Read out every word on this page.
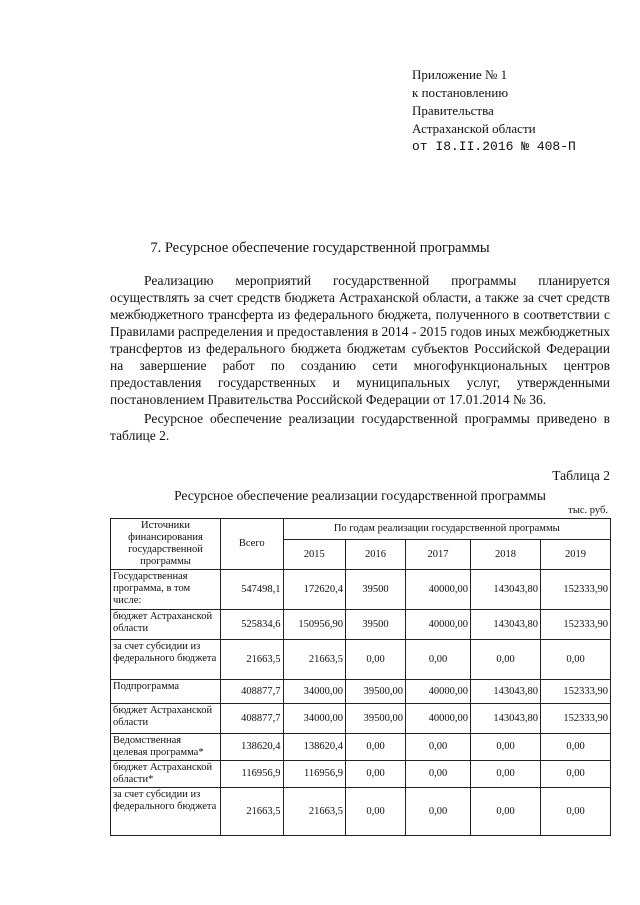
Приложение № 1
к постановлению
Правительства
Астраханской области
от I8.II.2016 № 408-П
7. Ресурсное обеспечение государственной программы

Реализацию мероприятий государственной программы планируется осуществлять за счет средств бюджета Астраханской области, а также за счет средств межбюджетного трансферта из федерального бюджета, полученного в соответствии с Правилами распределения и предоставления в 2014 - 2015 годов иных межбюджетных трансфертов из федерального бюджета бюджетам субъектов Российской Федерации на завершение работ по созданию сети многофункциональных центров предоставления государственных и муниципальных услуг, утвержденными постановлением Правительства Российской Федерации от 17.01.2014 № 36.

Ресурсное обеспечение реализации государственной программы приведено в таблице 2.

Таблица 2
Ресурсное обеспечение реализации государственной программы
тыс. руб.
Источники финансирования государственной программы	Всего	По годам реализации государственной программы				
		2015	2016	2017	2018	2019
Государственная программа, в том числе:	547498,1	172620,4	39500	40000,00	143043,80	152333,90
бюджет Астраханской области	525834,6	150956,90	39500	40000,00	143043,80	152333,90
за счет субсидии из федерального бюджета	21663,5	21663,5	0,00	0,00	0,00	0,00
Подпрограмма	408877,7	34000,00	39500,00	40000,00	143043,80	152333,90
бюджет Астраханской области	408877,7	34000,00	39500,00	40000,00	143043,80	152333,90
Ведомственная целевая программа*	138620,4	138620,4	0,00	0,00	0,00	0,00
бюджет Астраханской области*	116956,9	116956,9	0,00	0,00	0,00	0,00
за счет субсидии из федерального бюджета	21663,5	21663,5	0,00	0,00	0,00	0,00
